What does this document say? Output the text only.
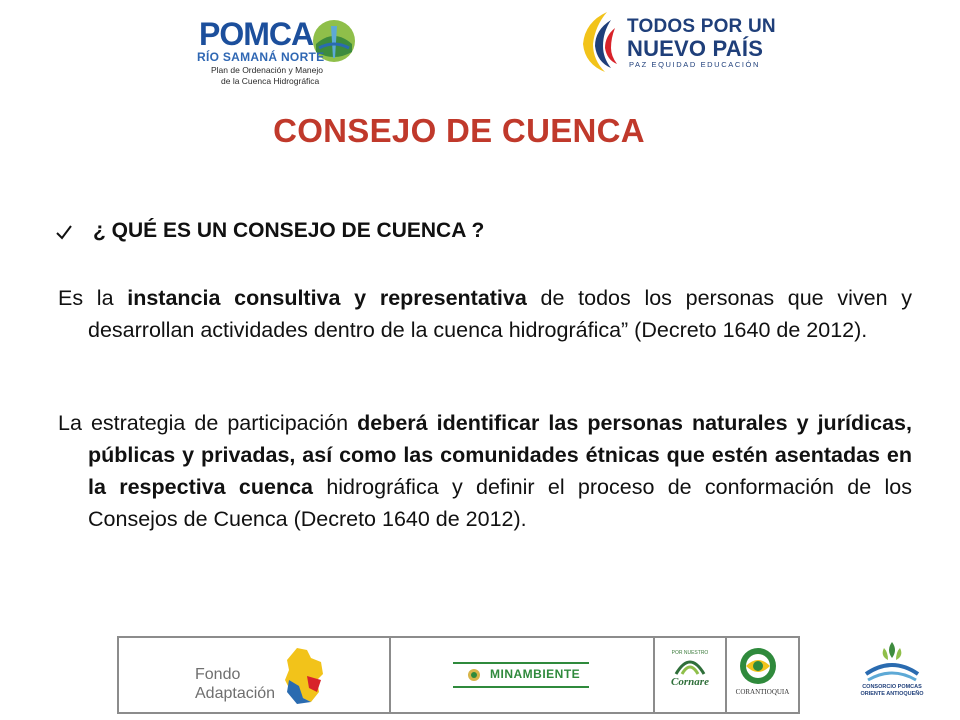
POMCA
RÍO SAMANÁ NORTE
Plan de Ordenación y Manejo
de la Cuenca Hidrográfica
TODOS POR UN
NUEVO PAÍS
PAZ EQUIDAD EDUCACIÓN
CONSEJO DE CUENCA
¿ QUÉ ES UN CONSEJO DE CUENCA ?
Es la instancia consultiva y representativa de todos los personas que viven y desarrollan actividades dentro de la cuenca hidrográfica” (Decreto 1640 de 2012).
La estrategia de participación deberá identificar las personas naturales y jurídicas, públicas y privadas, así como las comunidades étnicas que estén asentadas en la respectiva cuenca hidrográfica y definir el proceso de conformación de los Consejos de Cuenca (Decreto 1640 de 2012).
Fondo
Adaptación
MINAMBIENTE
POR NUESTRO
Cornare
CORANTIOQUIA
CONSORCIO POMCAS ORIENTE ANTIOQUEÑO
